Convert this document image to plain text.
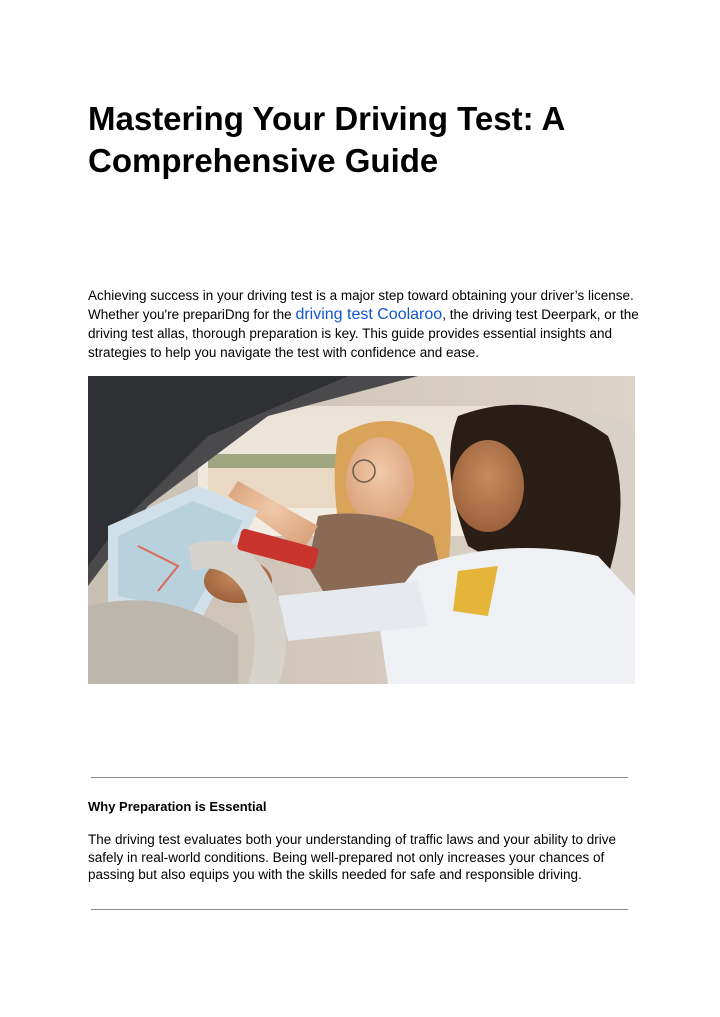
Mastering Your Driving Test: A Comprehensive Guide

Achieving success in your driving test is a major step toward obtaining your driver’s license. Whether you're prepariDng for the driving test Coolaroo, the driving test Deerpark, or the driving test allas, thorough preparation is key. This guide provides essential insights and strategies to help you navigate the test with confidence and ease.

Why Preparation is Essential

The driving test evaluates both your understanding of traffic laws and your ability to drive safely in real-world conditions. Being well-prepared not only increases your chances of passing but also equips you with the skills needed for safe and responsible driving.
